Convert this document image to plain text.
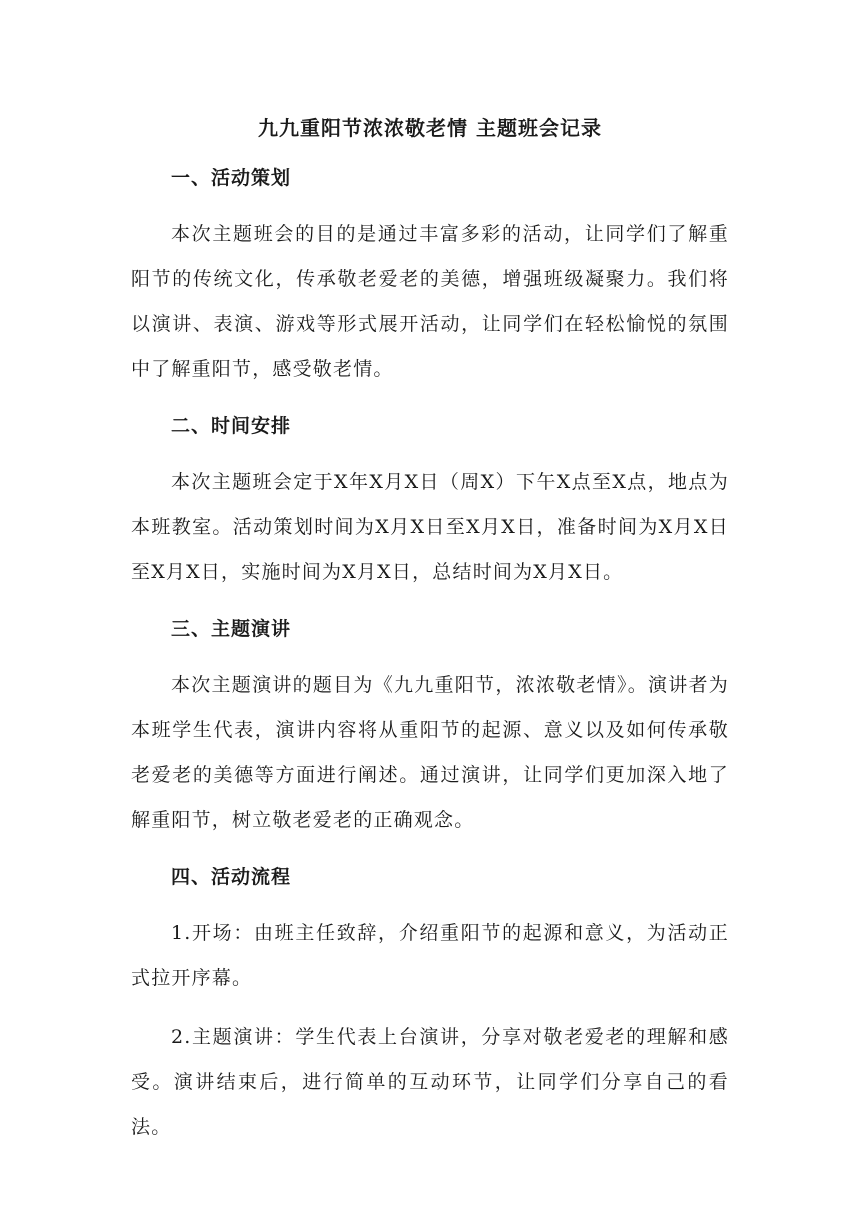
九九重阳节浓浓敬老情 主题班会记录
一、活动策划

本次主题班会的目的是通过丰富多彩的活动，让同学们了解重阳节的传统文化，传承敬老爱老的美德，增强班级凝聚力。我们将以演讲、表演、游戏等形式展开活动，让同学们在轻松愉悦的氛围中了解重阳节，感受敬老情。

二、时间安排

本次主题班会定于X年X月X日（周X）下午X点至X点，地点为本班教室。活动策划时间为X月X日至X月X日，准备时间为X月X日至X月X日，实施时间为X月X日，总结时间为X月X日。

三、主题演讲

本次主题演讲的题目为《九九重阳节，浓浓敬老情》。演讲者为本班学生代表，演讲内容将从重阳节的起源、意义以及如何传承敬老爱老的美德等方面进行阐述。通过演讲，让同学们更加深入地了解重阳节，树立敬老爱老的正确观念。

四、活动流程

1.开场：由班主任致辞，介绍重阳节的起源和意义，为活动正式拉开序幕。

2.主题演讲：学生代表上台演讲，分享对敬老爱老的理解和感受。演讲结束后，进行简单的互动环节，让同学们分享自己的看法。
